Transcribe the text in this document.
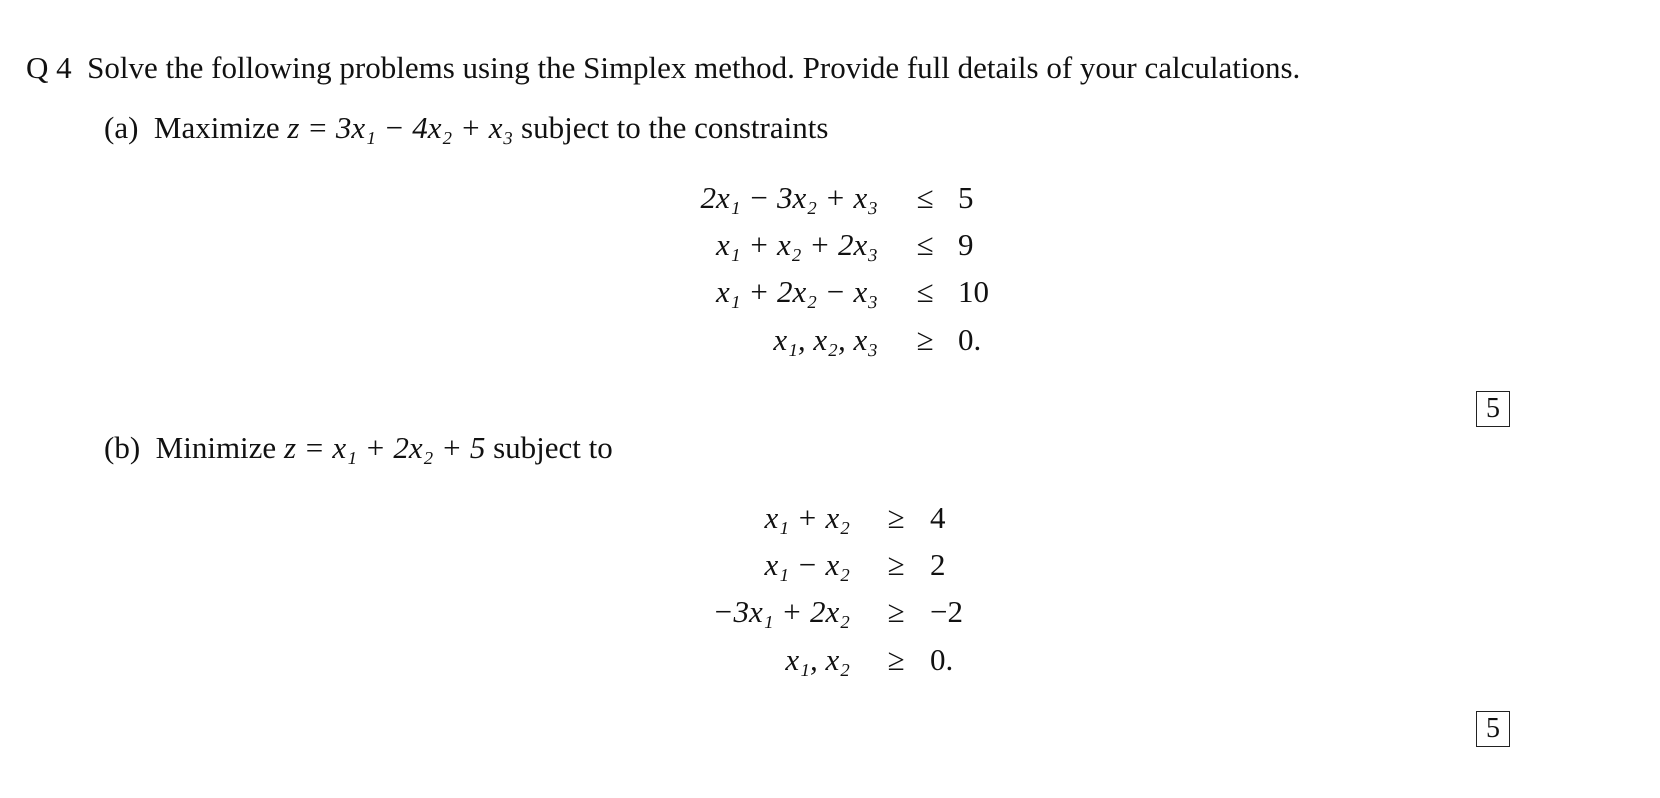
Q 4 Solve the following problems using the Simplex method. Provide full details of your calculations.
(a) Maximize z = 3x₁ − 4x₂ + x₃ subject to the constraints
2x₁ − 3x₂ + x₃	≤ 5
x₁ + x₂ + 2x₃	≤ 9
x₁ + 2x₂ − x₃	≤ 10
x₁, x₂, x₃	≥ 0.
5
(b) Minimize z = x₁ + 2x₂ + 5 subject to
x₁ + x₂	≥ 4
x₁ − x₂	≥ 2
−3x₁ + 2x₂	≥ −2
x₁, x₂	≥ 0.
5
